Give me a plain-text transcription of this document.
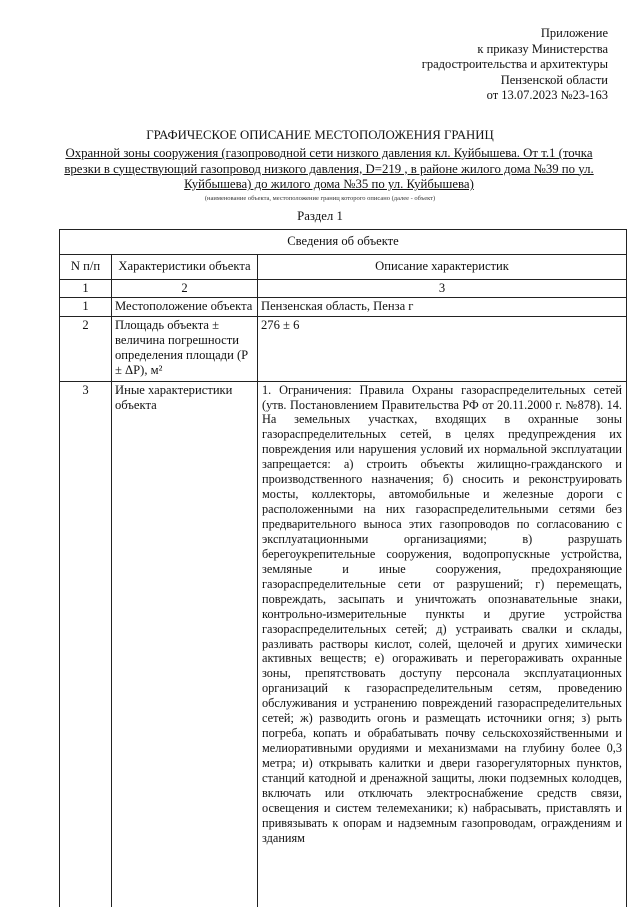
Приложение
к приказу Министерства
градостроительства и архитектуры
Пензенской области
от 13.07.2023 №23-163
ГРАФИЧЕСКОЕ ОПИСАНИЕ МЕСТОПОЛОЖЕНИЯ ГРАНИЦ
Охранной зоны сооружения (газопроводной сети низкого давления кл. Куйбышева. От т.1 (точка врезки в существующий газопровод низкого давления, D=219 , в районе жилого дома №39 по ул. Куйбышева) до жилого дома №35 по ул. Куйбышева)
(наименование объекта, местоположение границ которого описано (далее - объект)
Раздел 1
Сведения об объекте		
N п/п	Характеристики объекта	Описание характеристик
1	2	3
1	Местоположение объекта	Пензенская область, Пенза г
2	Площадь объекта ± величина погрешности определения площади (P ± ΔP), м²	276 ± 6
3	Иные характеристики объекта	1. Ограничения: Правила Охраны газораспределительных сетей (утв. Постановлением Правительства РФ от 20.11.2000 г. №878). 14. На земельных участках, входящих в охранные зоны газораспределительных сетей, в целях предупреждения их повреждения или нарушения условий их нормальной эксплуатации запрещается: а) строить объекты жилищно-гражданского и производственного назначения; б) сносить и реконструировать мосты, коллекторы, автомобильные и железные дороги с расположенными на них газораспределительными сетями без предварительного выноса этих газопроводов по согласованию с эксплуатационными организациями; в) разрушать берегоукрепительные сооружения, водопропускные устройства, земляные и иные сооружения, предохраняющие газораспределительные сети от разрушений; г) перемещать, повреждать, засыпать и уничтожать опознавательные знаки, контрольно-измерительные пункты и другие устройства газораспределительных сетей; д) устраивать свалки и склады, разливать растворы кислот, солей, щелочей и других химически активных веществ; е) огораживать и перегораживать охранные зоны, препятствовать доступу персонала эксплуатационных организаций к газораспределительным сетям, проведению обслуживания и устранению повреждений газораспределительных сетей; ж) разводить огонь и размещать источники огня; з) рыть погреба, копать и обрабатывать почву сельскохозяйственными и мелиоративными орудиями и механизмами на глубину более 0,3 метра; и) открывать калитки и двери газорегуляторных пунктов, станций катодной и дренажной защиты, люки подземных колодцев, включать или отключать электроснабжение средств связи, освещения и систем телемеханики; к) набрасывать, приставлять и привязывать к опорам и надземным газопроводам, ограждениям и зданиям
